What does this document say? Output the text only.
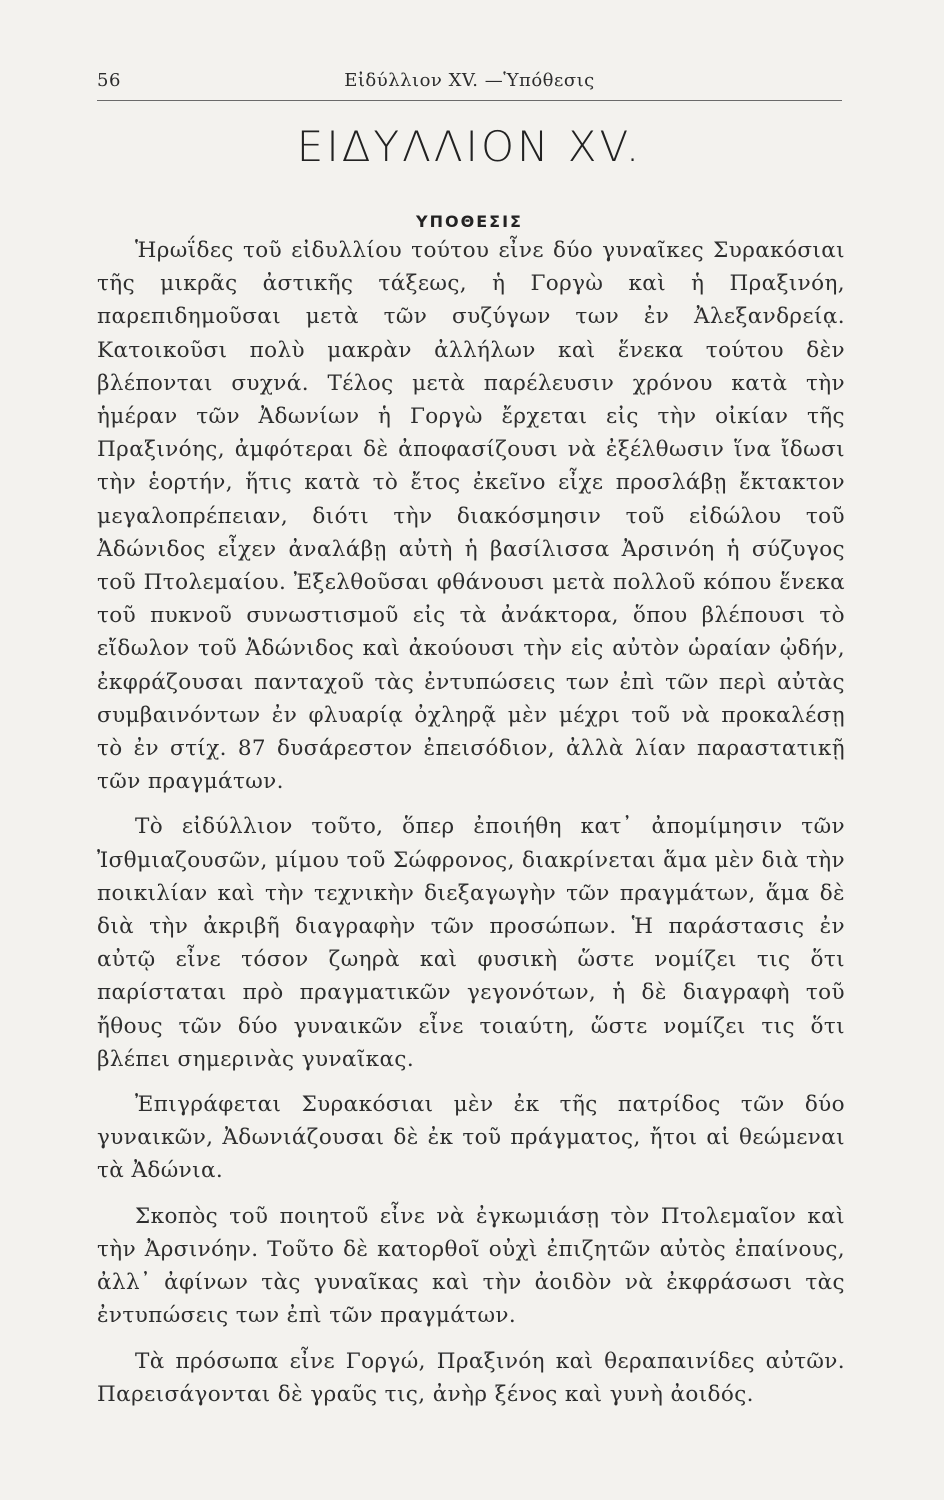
56	Εἰδύλλιον XV. —Ὑπόθεσις
ΕΙΔΥΛΛΙΟΝ XV.
ΥΠΟΘΕΣΙΣ

Ἡρωΐδες τοῦ εἰδυλλίου τούτου εἶνε δύο γυναῖκες Συρακόσιαι τῆς μικρᾶς ἀστικῆς τάξεως, ἡ Γοργὼ καὶ ἡ Πραξινόη, παρεπιδημοῦσαι μετὰ τῶν συζύγων των ἐν Ἀλεξανδρείᾳ. Κατοικοῦσι πολὺ μακρὰν ἀλλήλων καὶ ἕνεκα τούτου δὲν βλέπονται συχνά. Τέλος μετὰ παρέλευσιν χρόνου κατὰ τὴν ἡμέραν τῶν Ἀδωνίων ἡ Γοργὼ ἔρχεται εἰς τὴν οἰκίαν τῆς Πραξινόης, ἀμφότεραι δὲ ἀποφασίζουσι νὰ ἐξέλθωσιν ἵνα ἴδωσι τὴν ἑορτήν, ἥτις κατὰ τὸ ἔτος ἐκεῖνο εἶχε προσλάβῃ ἔκτακτον μεγαλοπρέπειαν, διότι τὴν διακόσμησιν τοῦ εἰδώλου τοῦ Ἀδώνιδος εἶχεν ἀναλάβῃ αὐτὴ ἡ βασίλισσα Ἀρσινόη ἡ σύζυγος τοῦ Πτολεμαίου. Ἐξελθοῦσαι φθάνουσι μετὰ πολλοῦ κόπου ἕνεκα τοῦ πυκνοῦ συνωστισμοῦ εἰς τὰ ἀνάκτορα, ὅπου βλέπουσι τὸ εἴδωλον τοῦ Ἀδώνιδος καὶ ἀκούουσι τὴν εἰς αὐτὸν ὡραίαν ᾠδήν, ἐκφράζουσαι πανταχοῦ τὰς ἐντυπώσεις των ἐπὶ τῶν περὶ αὐτὰς συμβαινόντων ἐν φλυαρίᾳ ὀχληρᾷ μὲν μέχρι τοῦ νὰ προκαλέσῃ τὸ ἐν στίχ. 87 δυσάρεστον ἐπεισόδιον, ἀλλὰ λίαν παραστατικῇ τῶν πραγμάτων.

Τὸ εἰδύλλιον τοῦτο, ὅπερ ἐποιήθη κατ᾽ ἀπομίμησιν τῶν Ἰσθμιαζουσῶν, μίμου τοῦ Σώφρονος, διακρίνεται ἅμα μὲν διὰ τὴν ποικιλίαν καὶ τὴν τεχνικὴν διεξαγωγὴν τῶν πραγμάτων, ἅμα δὲ διὰ τὴν ἀκριβῆ διαγραφὴν τῶν προσώπων. Ἡ παράστασις ἐν αὐτῷ εἶνε τόσον ζωηρὰ καὶ φυσικὴ ὥστε νομίζει τις ὅτι παρίσταται πρὸ πραγματικῶν γεγονότων, ἡ δὲ διαγραφὴ τοῦ ἤθους τῶν δύο γυναικῶν εἶνε τοιαύτη, ὥστε νομίζει τις ὅτι βλέπει σημερινὰς γυναῖκας.

Ἐπιγράφεται Συρακόσιαι μὲν ἐκ τῆς πατρίδος τῶν δύο γυναικῶν, Ἀδωνιάζουσαι δὲ ἐκ τοῦ πράγματος, ἤτοι αἱ θεώμεναι τὰ Ἀδώνια.

Σκοπὸς τοῦ ποιητοῦ εἶνε νὰ ἐγκωμιάσῃ τὸν Πτολεμαῖον καὶ τὴν Ἀρσινόην. Τοῦτο δὲ κατορθοῖ οὐχὶ ἐπιζητῶν αὐτὸς ἐπαίνους, ἀλλ᾽ ἀφίνων τὰς γυναῖκας καὶ τὴν ἀοιδὸν νὰ ἐκφράσωσι τὰς ἐντυπώσεις των ἐπὶ τῶν πραγμάτων.

Τὰ πρόσωπα εἶνε Γοργώ, Πραξινόη καὶ θεραπαινίδες αὐτῶν. Παρεισάγονται δὲ γραῦς τις, ἀνὴρ ξένος καὶ γυνὴ ἀοιδός.
